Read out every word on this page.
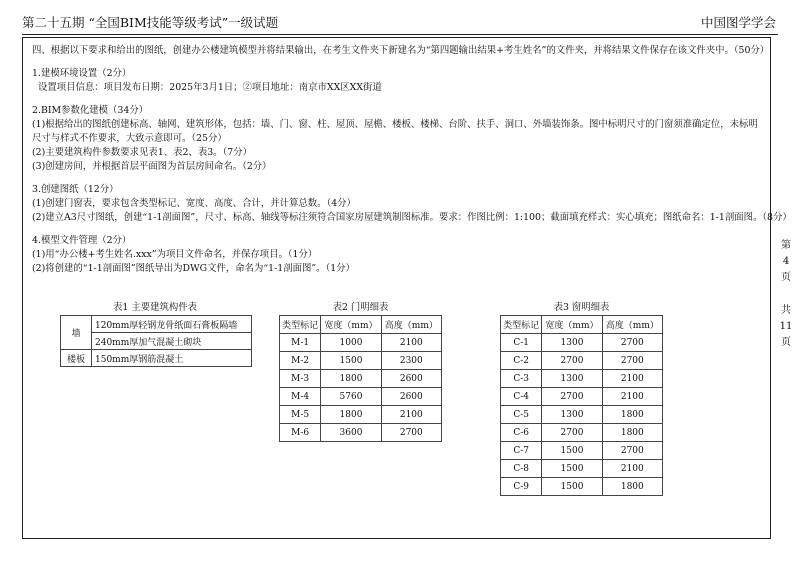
第二十五期 “全国BIM技能等级考试”一级试题	中国图学学会

四、根据以下要求和给出的图纸，创建办公楼建筑模型并将结果输出，在考生文件夹下新建名为“第四题输出结果+考生姓名”的文件夹，并将结果文件保存在该文件夹中。（50分）

1.建模环境设置（2分）

设置项目信息：项目发布日期：2025年3月1日；②项目地址：南京市XX区XX街道

2.BIM参数化建模（34分）

(1)根据给出的图纸创建标高、轴网、建筑形体，包括：墙、门、窗、柱、屋顶、屋檐、楼板、楼梯、台阶、扶手、洞口、外墙装饰条。图中标明尺寸的门窗须准确定位，未标明尺寸与样式不作要求，大致示意即可。（25分）

(2)主要建筑构件参数要求见表1、表2、表3。（7分）

(3)创建房间，并根据首层平面图为首层房间命名。（2分）

3.创建图纸（12分）

(1)创建门窗表，要求包含类型标记、宽度、高度、合计，并计算总数。（4分）

(2)建立A3尺寸图纸，创建“1-1剖面图”，尺寸、标高、轴线等标注须符合国家房屋建筑制图标准。要求：作图比例：1:100；截面填充样式：实心填充；图纸命名：1-1剖面图。（8分）

4.模型文件管理（2分）

(1)用“办公楼+考生姓名.xxx”为项目文件命名，并保存项目。（1分）

(2)将创建的“1-1剖面图”图纸导出为DWG文件，命名为“1-1剖面图”。（1分）

第
4
页
共
11
页
表1 主要建筑构件表
墙	120mm厚轻钢龙骨纸面石膏板隔墙
	240mm厚加气混凝土砌块
楼板	150mm厚钢筋混凝土
表2 门明细表
类型标记	宽度（mm）	高度（mm）
M-1	1000	2100
M-2	1500	2300
M-3	1800	2600
M-4	5760	2600
M-5	1800	2100
M-6	3600	2700
表3 窗明细表
类型标记	宽度（mm）	高度（mm）
C-1	1300	2700
C-2	2700	2700
C-3	1300	2100
C-4	2700	2100
C-5	1300	1800
C-6	2700	1800
C-7	1500	2700
C-8	1500	2100
C-9	1500	1800
